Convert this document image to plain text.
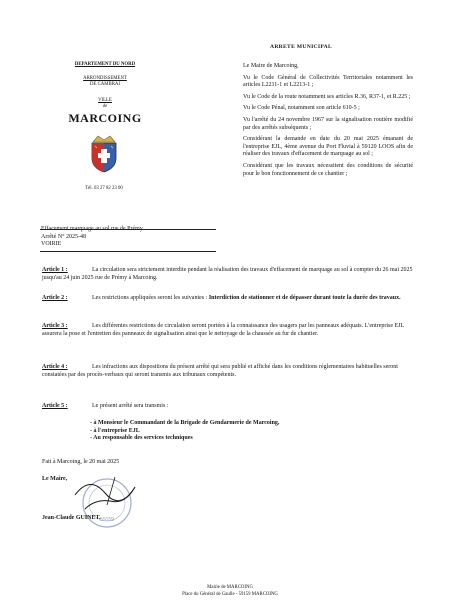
ARRETE MUNICIPAL
DEPARTEMENT DU NORD
ARRONDISSEMENT
DE CAMBRAI
VILLE
de
MARCOING
Tél. 03 27 82 23 00

Le Maire de Marcoing,

Vu le Code Général de Collectivités Territoriales notamment les articles L2211-1 et L2213-1 ;

Vu le Code de la route notamment ses articles R.36, R37-1, et R.225 ;

Vu le Code Pénal, notamment son article 610-5 ;

Vu l'arrêté du 24 novembre 1967 sur la signalisation routière modifié par des arrêtés subséquents ;

Considérant la demande en date du 20 mai 2025 émanant de l'entreprise EJL, 4ème avenue du Port Fluvial à 59120 LOOS afin de réaliser des travaux d'effacement de marquage au sol ;

Considérant que les travaux nécessitent des conditions de sécurité pour le bon fonctionnement de ce chantier ;

Effacement marquage au sol rue de Prémy
Arrêté N° 2025-48
VOIRIE
Article 1 :	La circulation sera strictement interdite pendant la réalisation des travaux d'effacement de marquage au sol à compter du 26 mai 2025 jusqu'au 24 juin 2025 rue de Prémy à Marcoing.
Article 2 :	Les restrictions appliquées seront les suivantes : Interdiction de stationner et de dépasser durant toute la durée des travaux.
Article 3 :	Les différentes restrictions de circulation seront portées à la connaissance des usagers par les panneaux adéquats. L'entreprise EJL assurera la pose et l'entretien des panneaux de signalisation ainsi que le nettoyage de la chaussée au fur de chantier.
Article 4 :	Les infractions aux dispositions du présent arrêté qui sera publié et affiché dans les conditions réglementaires habituelles seront constatées par des procès-verbaux qui seront transmis aux tribunaux compétents.
Article 5 :	Le présent arrêté sera transmis :
- à Monsieur le Commandant de la Brigade de Gendarmerie de Marcoing,
- à l'entreprise EJL
- Au responsable des services techniques
Fait à Marcoing, le 20 mai 2025
Le Maire,
59159
Jean-Claude GUINET.
Mairie de MARCOING
Place du Général de Gaulle - 59159 MARCOING
